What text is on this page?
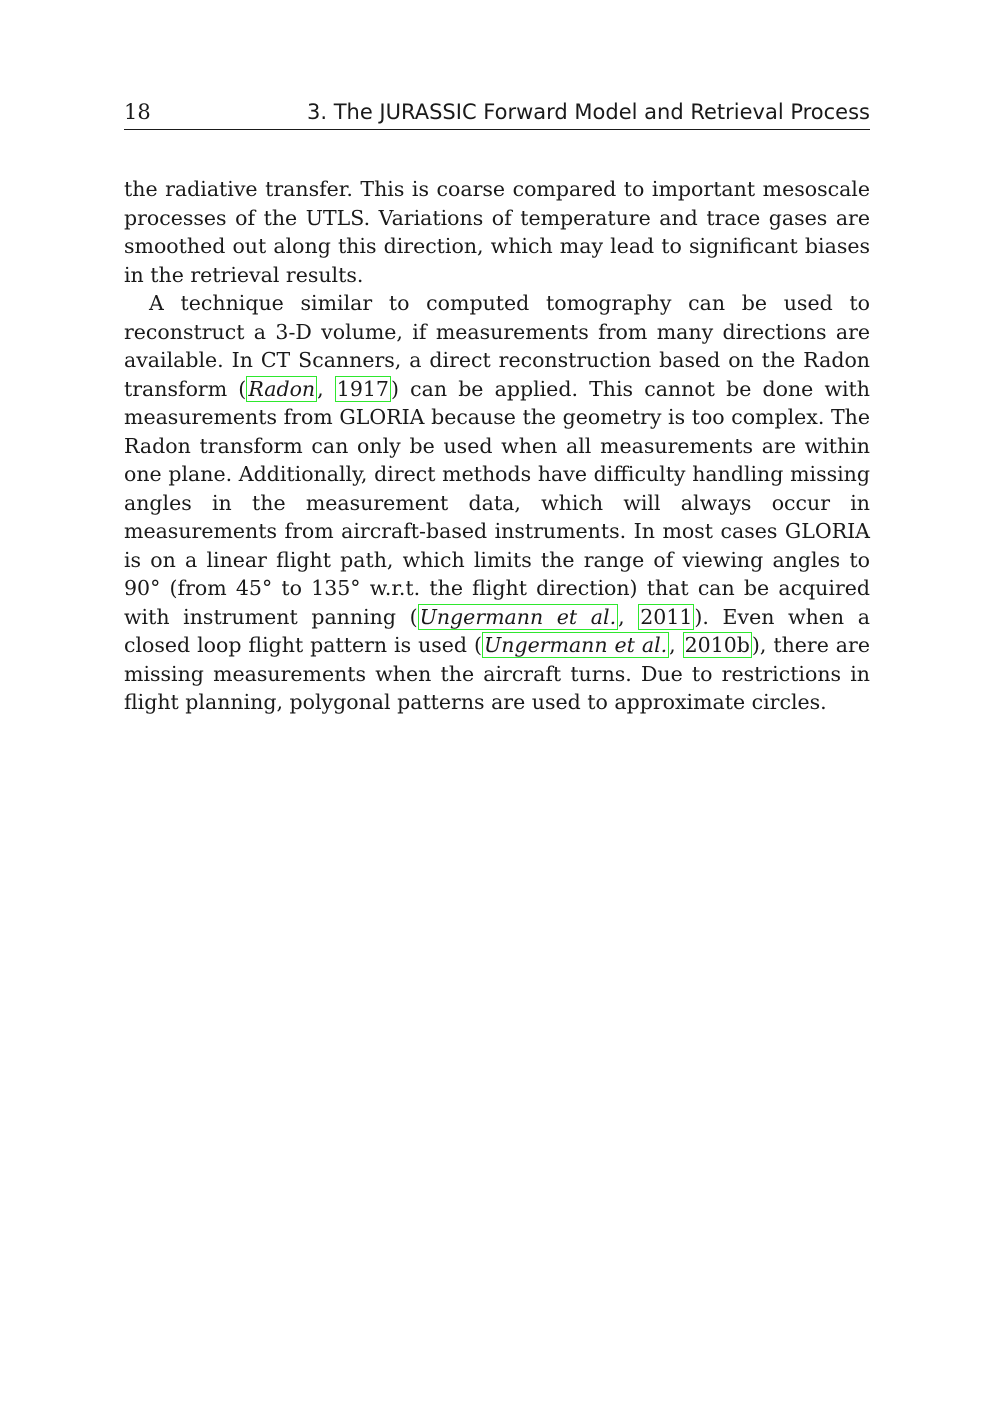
18	3. The JURASSIC Forward Model and Retrieval Process

the radiative transfer. This is coarse compared to important mesoscale processes of the UTLS. Variations of temperature and trace gases are smoothed out along this direction, which may lead to significant biases in the retrieval results.

A technique similar to computed tomography can be used to reconstruct a 3-D volume, if measurements from many directions are available. In CT Scanners, a direct reconstruction based on the Radon transform (Radon, 1917) can be applied. This cannot be done with measurements from GLORIA because the geometry is too complex. The Radon transform can only be used when all measurements are within one plane. Additionally, direct methods have difficulty handling missing angles in the measurement data, which will always occur in measurements from aircraft-based instruments. In most cases GLORIA is on a linear flight path, which limits the range of viewing angles to 90° (from 45° to 135° w.r.t. the flight direction) that can be acquired with instrument panning (Ungermann et al., 2011). Even when a closed loop flight pattern is used (Ungermann et al., 2010b), there are missing measurements when the aircraft turns. Due to restrictions in flight planning, polygonal patterns are used to approximate circles.
